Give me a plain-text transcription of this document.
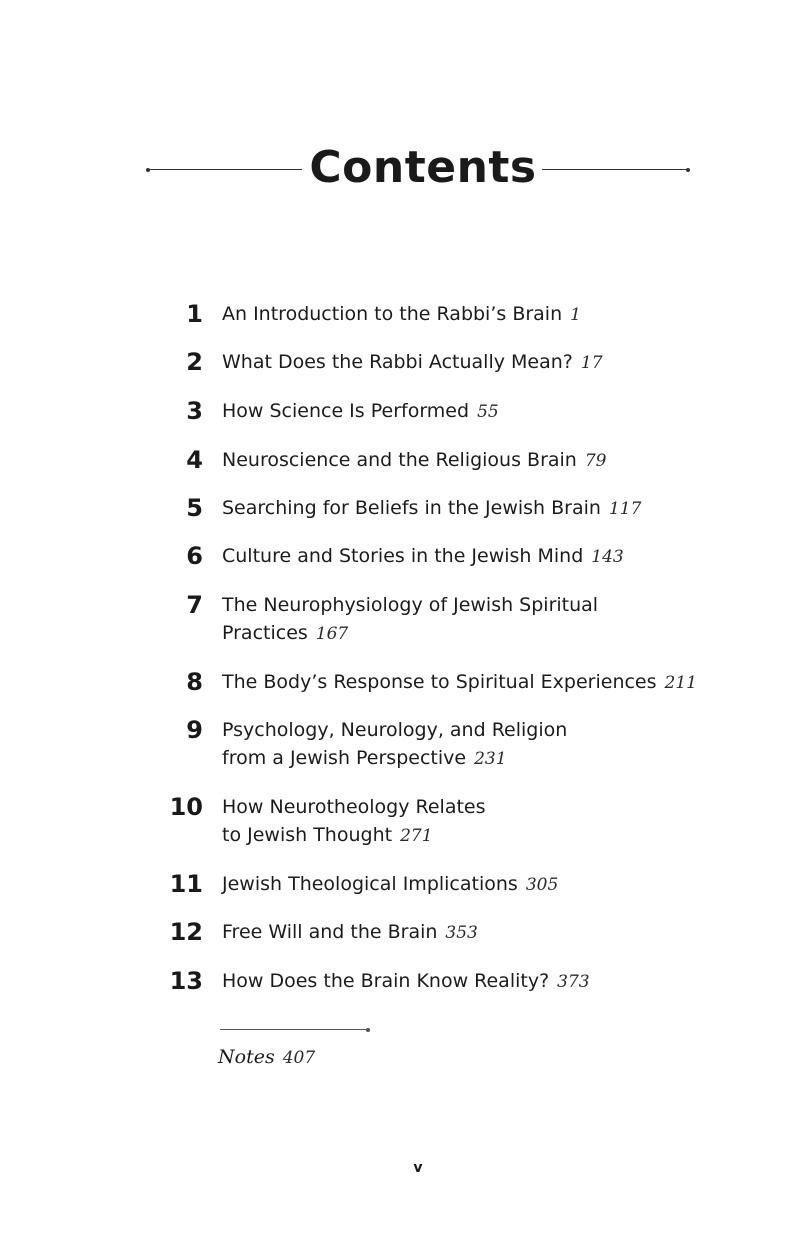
Contents
1 An Introduction to the Rabbi’s Brain 1
2 What Does the Rabbi Actually Mean? 17
3 How Science Is Performed 55
4 Neuroscience and the Religious Brain 79
5 Searching for Beliefs in the Jewish Brain 117
6 Culture and Stories in the Jewish Mind 143
7 The Neurophysiology of Jewish Spiritual
Practices 167
8 The Body’s Response to Spiritual Experiences 211
9 Psychology, Neurology, and Religion
from a Jewish Perspective 231
10 How Neurotheology Relates
to Jewish Thought 271
11 Jewish Theological Implications 305
12 Free Will and the Brain 353
13 How Does the Brain Know Reality? 373
Notes 407
v
